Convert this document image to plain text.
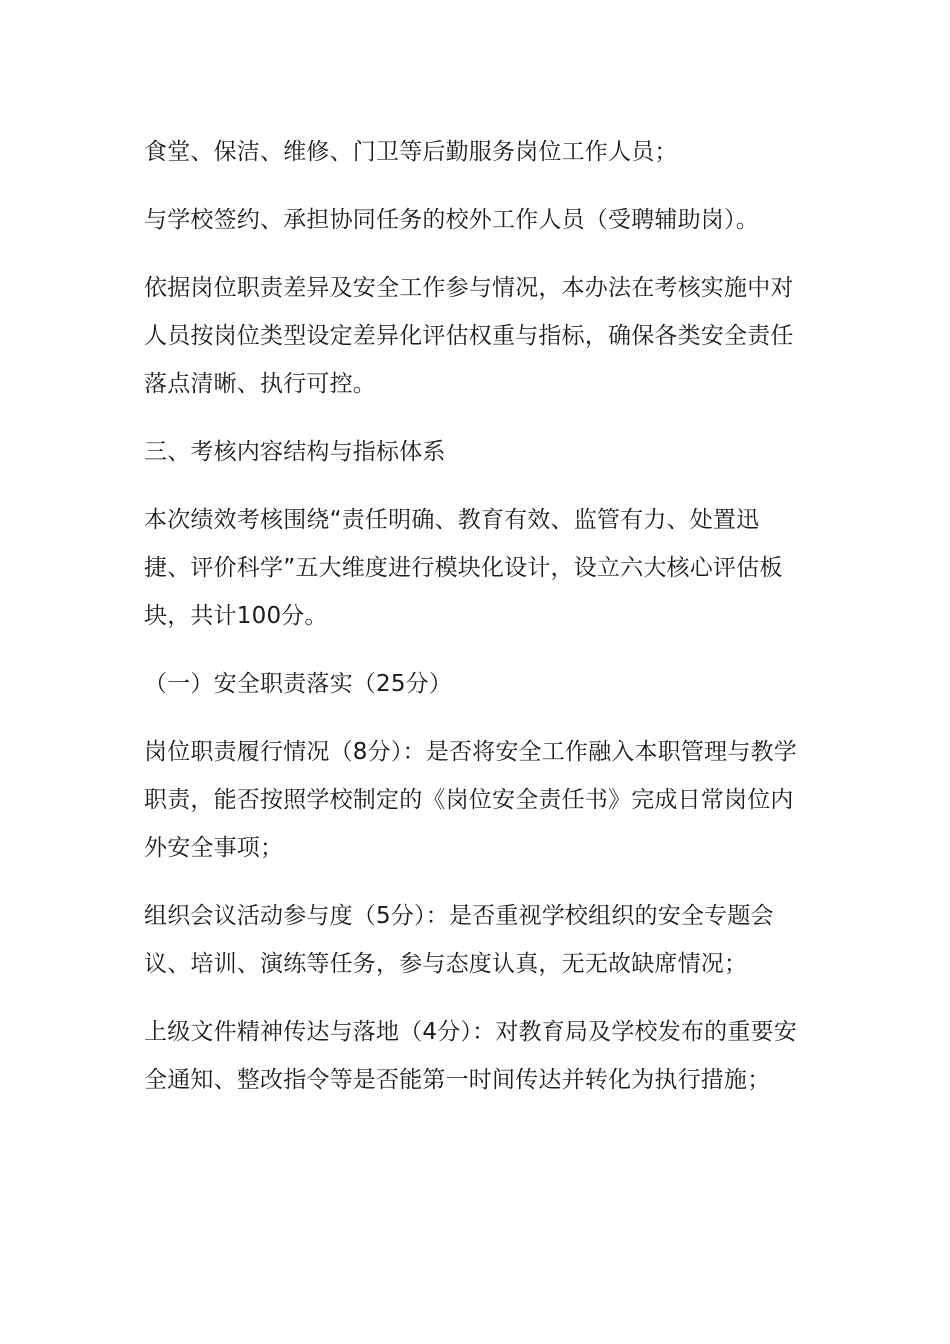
食堂、保洁、维修、门卫等后勤服务岗位工作人员；

与学校签约、承担协同任务的校外工作人员（受聘辅助岗）。

依据岗位职责差异及安全工作参与情况，本办法在考核实施中对人员按岗位类型设定差异化评估权重与指标，确保各类安全责任落点清晰、执行可控。

三、考核内容结构与指标体系

本次绩效考核围绕“责任明确、教育有效、监管有力、处置迅捷、评价科学”五大维度进行模块化设计，设立六大核心评估板块，共计100分。

（一）安全职责落实（25分）

岗位职责履行情况（8分）：是否将安全工作融入本职管理与教学职责，能否按照学校制定的《岗位安全责任书》完成日常岗位内外安全事项；

组织会议活动参与度（5分）：是否重视学校组织的安全专题会议、培训、演练等任务，参与态度认真，无无故缺席情况；

上级文件精神传达与落地（4分）：对教育局及学校发布的重要安全通知、整改指令等是否能第一时间传达并转化为执行措施；
